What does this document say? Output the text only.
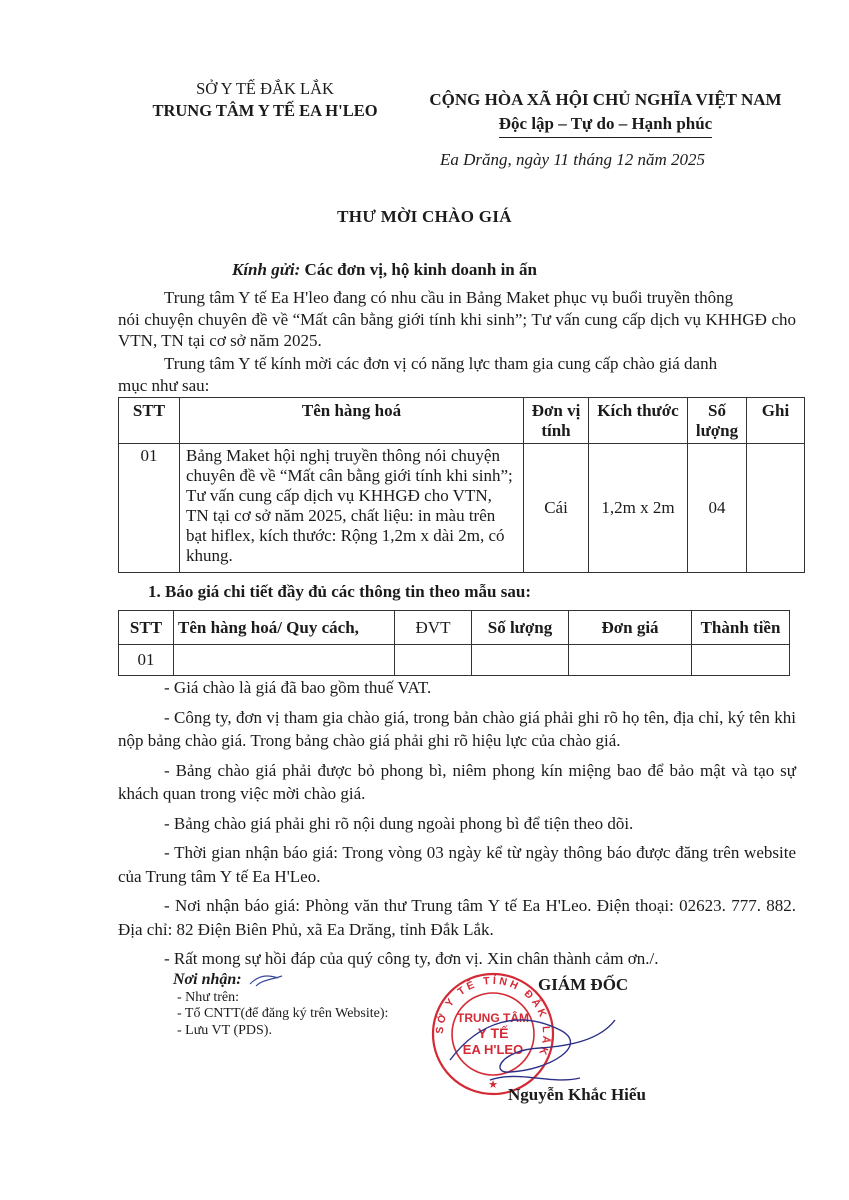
SỞ Y TẾ ĐẮK LẮK
TRUNG TÂM Y TẾ EA H'LEO
CỘNG HÒA XÃ HỘI CHỦ NGHĨA VIỆT NAM
Độc lập – Tự do – Hạnh phúc
Ea Drăng, ngày 11 tháng 12 năm 2025
THƯ MỜI CHÀO GIÁ
Kính gửi: Các đơn vị, hộ kinh doanh in ấn
Trung tâm Y tế Ea H'leo đang có nhu cầu in Bảng Maket phục vụ buổi truyền thông
nói chuyện chuyên đề về “Mất cân bằng giới tính khi sinh”; Tư vấn cung cấp dịch vụ KHHGĐ cho VTN, TN tại cơ sở năm 2025.
Trung tâm Y tế kính mời các đơn vị có năng lực tham gia cung cấp chào giá danh
mục như sau:
STT	Tên hàng hoá	Đơn vị tính	Kích thước	Số lượng	Ghi
01	Bảng Maket hội nghị truyền thông nói chuyện chuyên đề về “Mất cân bằng giới tính khi sinh”; Tư vấn cung cấp dịch vụ KHHGĐ cho VTN, TN tại cơ sở năm 2025, chất liệu: in màu trên bạt hiflex, kích thước: Rộng 1,2m x dài 2m, có khung.	Cái	1,2m x 2m	04	
1. Báo giá chi tiết đầy đủ các thông tin theo mẫu sau:
STT	Tên hàng hoá/ Quy cách,	ĐVT	Số lượng	Đơn giá	Thành tiền
01					

- Giá chào là giá đã bao gồm thuế VAT.

- Công ty, đơn vị tham gia chào giá, trong bản chào giá phải ghi rõ họ tên, địa chỉ, ký tên khi nộp bảng chào giá. Trong bảng chào giá phải ghi rõ hiệu lực của chào giá.

- Bảng chào giá phải được bỏ phong bì, niêm phong kín miệng bao để bảo mật và tạo sự khách quan trong việc mời chào giá.

- Bảng chào giá phải ghi rõ nội dung ngoài phong bì để tiện theo dõi.

- Thời gian nhận báo giá: Trong vòng 03 ngày kể từ ngày thông báo được đăng trên website của Trung tâm Y tế Ea H'Leo.

- Nơi nhận báo giá: Phòng văn thư Trung tâm Y tế Ea H'Leo. Điện thoại: 02623. 777. 882. Địa chỉ: 82 Điện Biên Phủ, xã Ea Drăng, tỉnh Đắk Lắk.

- Rất mong sự hồi đáp của quý công ty, đơn vị. Xin chân thành cảm ơn./.

Nơi nhận:
- Như trên:
- Tổ CNTT(để đăng ký trên Website):
- Lưu VT (PDS).	SỞ Y TẾ TỈNH ĐẮK LẮK
TRUNG TÂM
Y TẾ
EA H'LEO
★
GIÁM ĐỐC
Nguyễn Khắc Hiếu
